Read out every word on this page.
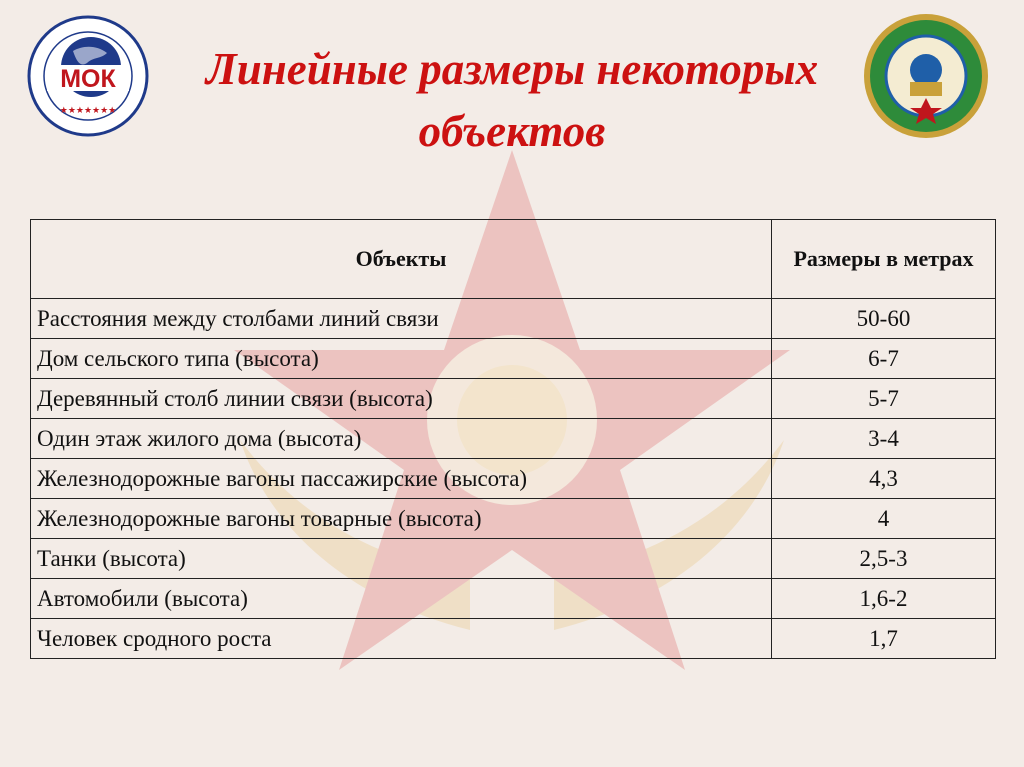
МОК
★★★★★★★
Линейные размеры некоторых объектов
Объекты	Размеры в метрах
Расстояния между столбами линий связи	50-60
Дом сельского типа (высота)	6-7
Деревянный столб линии связи (высота)	5-7
Один этаж жилого дома (высота)	3-4
Железнодорожные вагоны пассажирские (высота)	4,3
Железнодорожные вагоны товарные (высота)	4
Танки (высота)	2,5-3
Автомобили (высота)	1,6-2
Человек сродного роста	1,7
